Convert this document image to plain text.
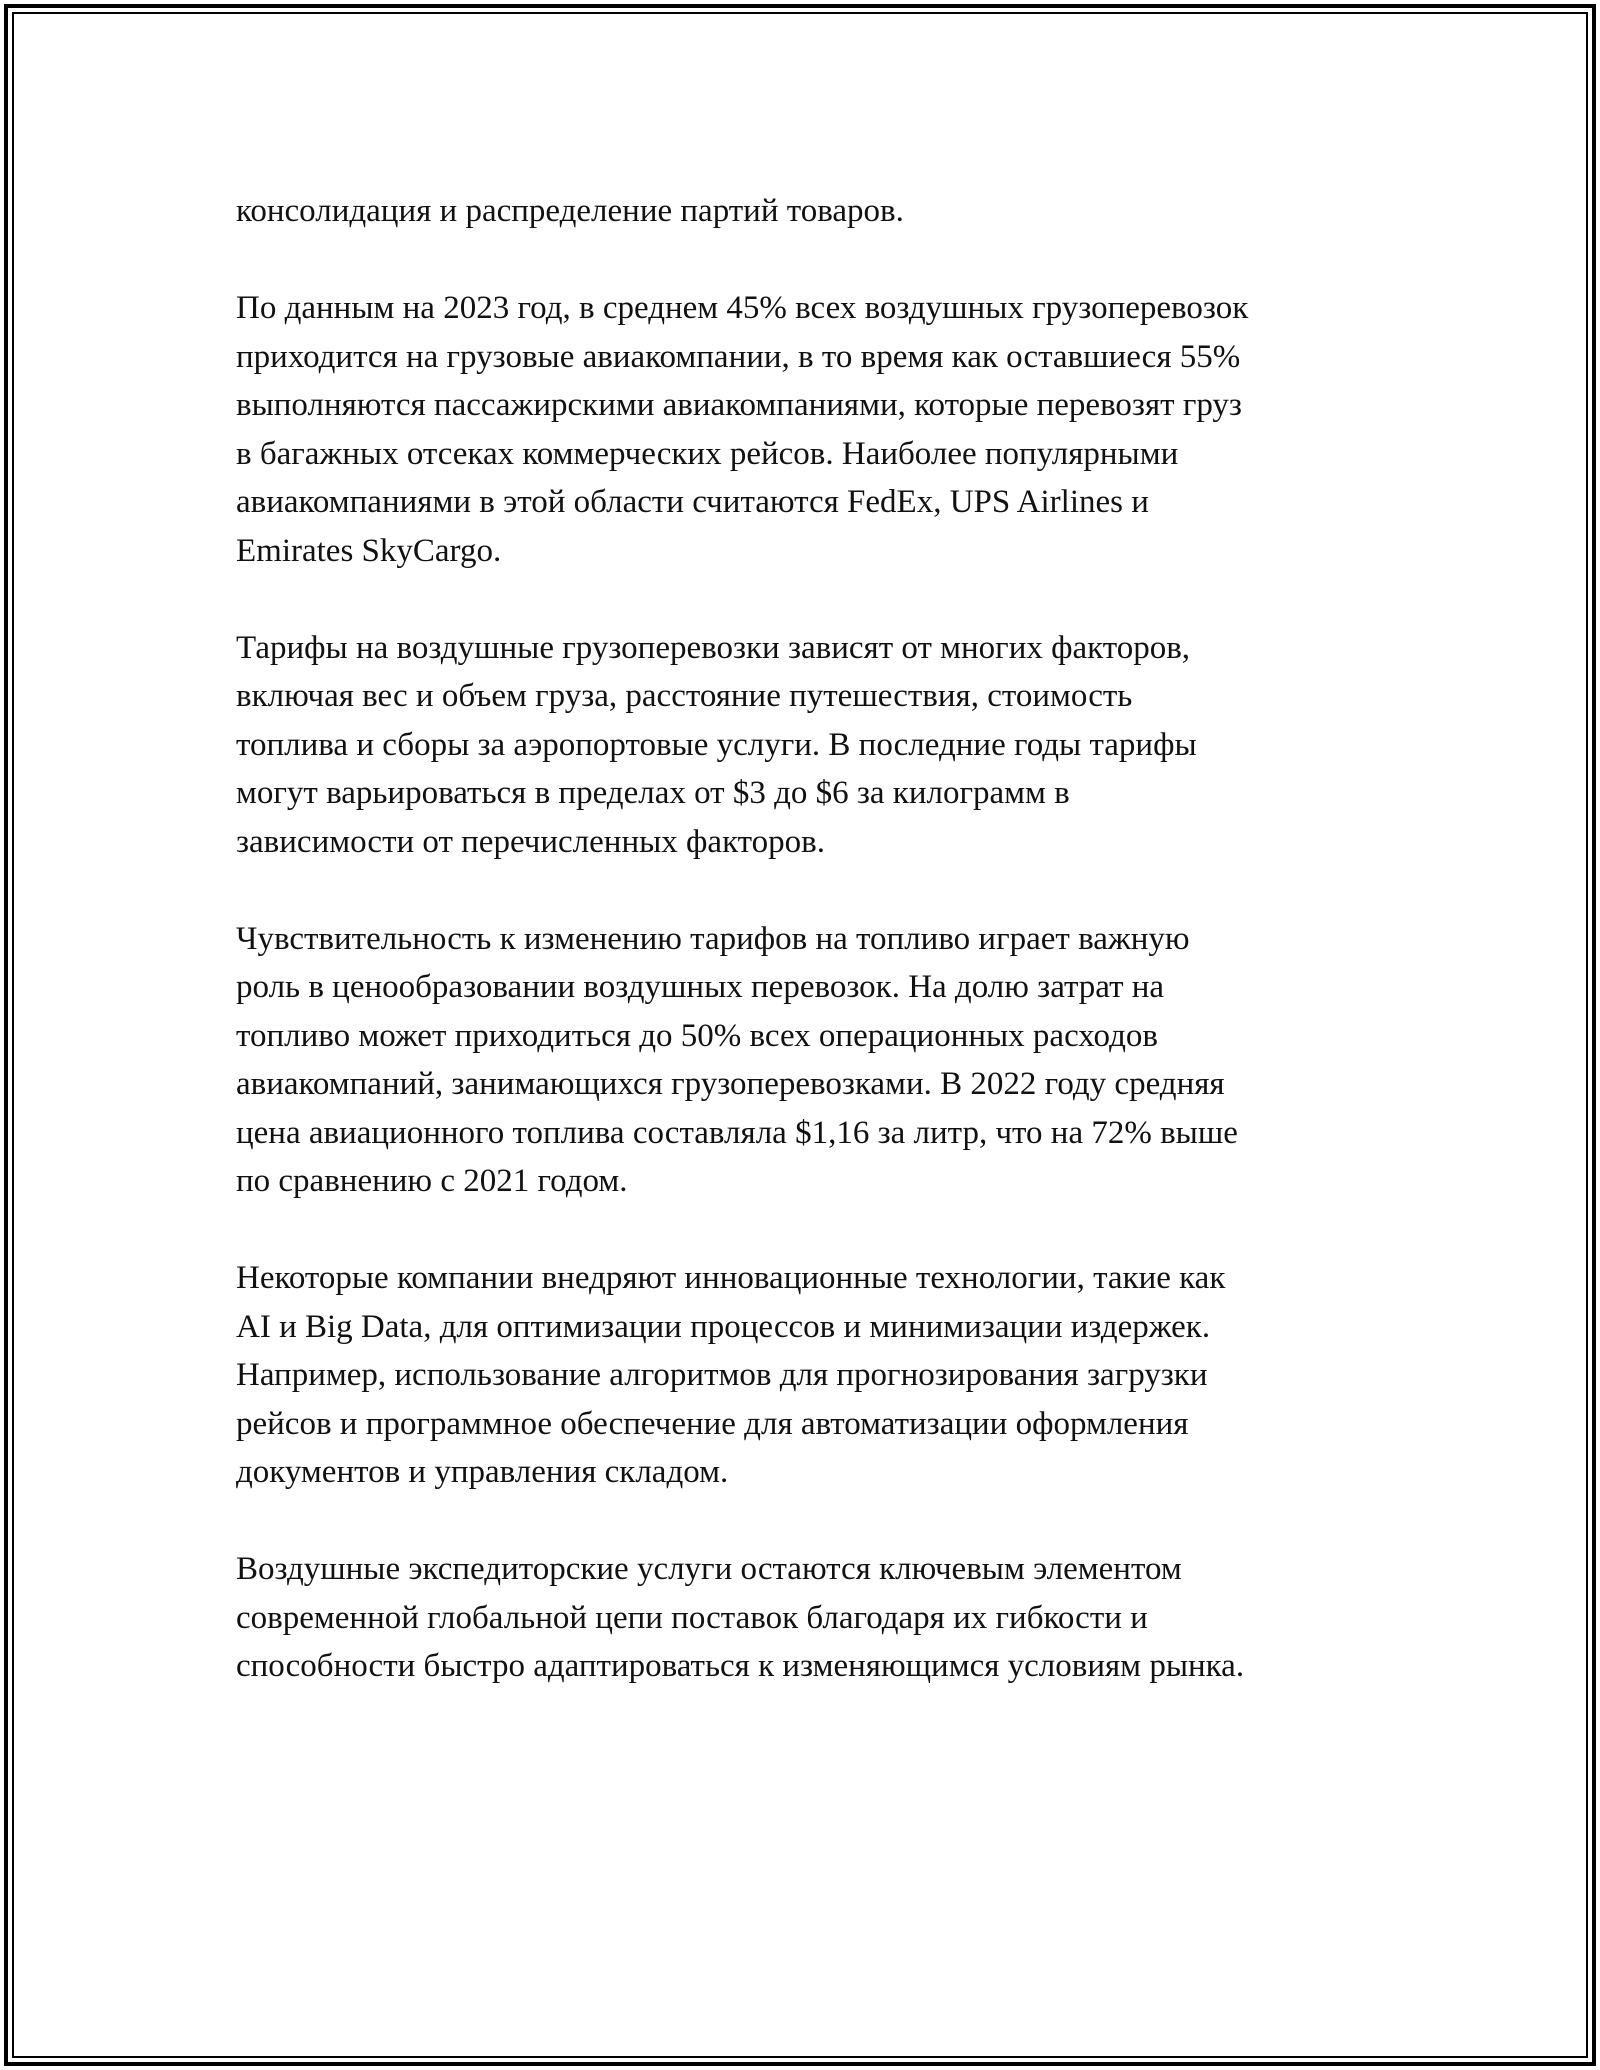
консолидация и распределение партий товаров.

По данным на 2023 год, в среднем 45% всех воздушных грузоперевозок
приходится на грузовые авиакомпании, в то время как оставшиеся 55%
выполняются пассажирскими авиакомпаниями, которые перевозят груз
в багажных отсеках коммерческих рейсов. Наиболее популярными
авиакомпаниями в этой области считаются FedEx, UPS Airlines и
Emirates SkyCargo.

Тарифы на воздушные грузоперевозки зависят от многих факторов,
включая вес и объем груза, расстояние путешествия, стоимость
топлива и сборы за аэропортовые услуги. В последние годы тарифы
могут варьироваться в пределах от $3 до $6 за килограмм в
зависимости от перечисленных факторов.

Чувствительность к изменению тарифов на топливо играет важную
роль в ценообразовании воздушных перевозок. На долю затрат на
топливо может приходиться до 50% всех операционных расходов
авиакомпаний, занимающихся грузоперевозками. В 2022 году средняя
цена авиационного топлива составляла $1,16 за литр, что на 72% выше
по сравнению с 2021 годом.

Некоторые компании внедряют инновационные технологии, такие как
AI и Big Data, для оптимизации процессов и минимизации издержек.
Например, использование алгоритмов для прогнозирования загрузки
рейсов и программное обеспечение для автоматизации оформления
документов и управления складом.

Воздушные экспедиторские услуги остаются ключевым элементом
современной глобальной цепи поставок благодаря их гибкости и
способности быстро адаптироваться к изменяющимся условиям рынка.
